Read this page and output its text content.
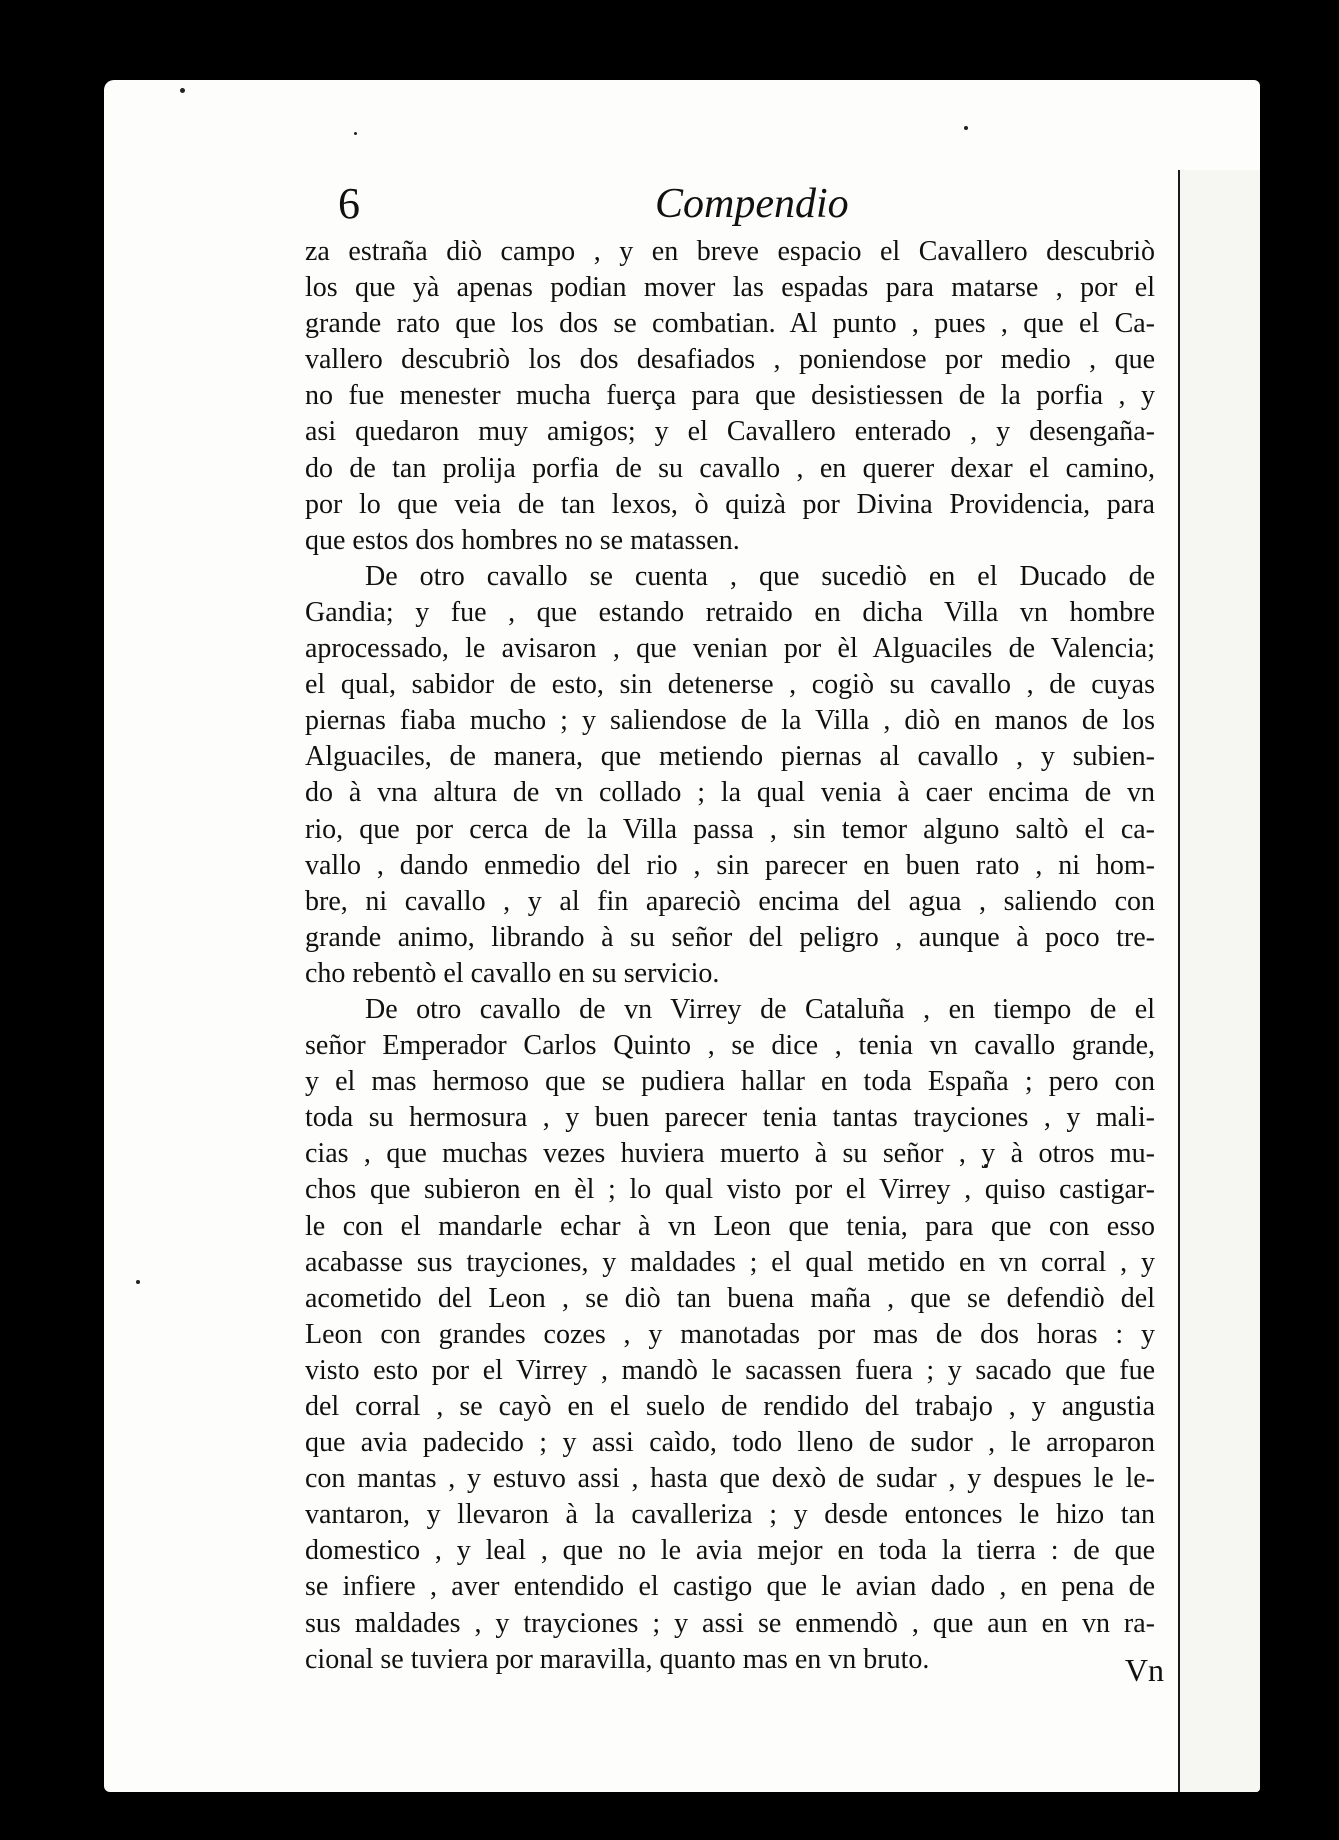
6	Compendio
za estraña diò campo , y en breve espacio el Cavallero descubriò
los que yà apenas podian mover las espadas para matarse , por el
grande rato que los dos se combatian. Al punto , pues , que el Ca-
vallero descubriò los dos desafiados , poniendose por medio , que
no fue menester mucha fuerça para que desistiessen de la porfia , y
asi quedaron muy amigos; y el Cavallero enterado , y desengaña-
do de tan prolija porfia de su cavallo , en querer dexar el camino,
por lo que veia de tan lexos, ò quizà por Divina Providencia, para
que estos dos hombres no se matassen.
De otro cavallo se cuenta , que sucediò en el Ducado de
Gandia; y fue , que estando retraido en dicha Villa vn hombre
aprocessado, le avisaron , que venian por èl Alguaciles de Valencia;
el qual, sabidor de esto, sin detenerse , cogiò su cavallo , de cuyas
piernas fiaba mucho ; y saliendose de la Villa , diò en manos de los
Alguaciles, de manera, que metiendo piernas al cavallo , y subien-
do à vna altura de vn collado ; la qual venia à caer encima de vn
rio, que por cerca de la Villa passa , sin temor alguno saltò el ca-
vallo , dando enmedio del rio , sin parecer en buen rato , ni hom-
bre, ni cavallo , y al fin apareciò encima del agua , saliendo con
grande animo, librando à su señor del peligro , aunque à poco tre-
cho rebentò el cavallo en su servicio.
De otro cavallo de vn Virrey de Cataluña , en tiempo de el
señor Emperador Carlos Quinto , se dice , tenia vn cavallo grande,
y el mas hermoso que se pudiera hallar en toda España ; pero con
toda su hermosura , y buen parecer tenia tantas trayciones , y mali-
cias , que muchas vezes huviera muerto à su señor , y à otros mu-
chos que subieron en èl ; lo qual visto por el Virrey , quiso castigar-
le con el mandarle echar à vn Leon que tenia, para que con esso
acabasse sus trayciones, y maldades ; el qual metido en vn corral , y
acometido del Leon , se diò tan buena maña , que se defendiò del
Leon con grandes cozes , y manotadas por mas de dos horas : y
visto esto por el Virrey , mandò le sacassen fuera ; y sacado que fue
del corral , se cayò en el suelo de rendido del trabajo , y angustia
que avia padecido ; y assi caìdo, todo lleno de sudor , le arroparon
con mantas , y estuvo assi , hasta que dexò de sudar , y despues le le-
vantaron, y llevaron à la cavalleriza ; y desde entonces le hizo tan
domestico , y leal , que no le avia mejor en toda la tierra : de que
se infiere , aver entendido el castigo que le avian dado , en pena de
sus maldades , y trayciones ; y assi se enmendò , que aun en vn ra-
cional se tuviera por maravilla, quanto mas en vn bruto.	Vn
